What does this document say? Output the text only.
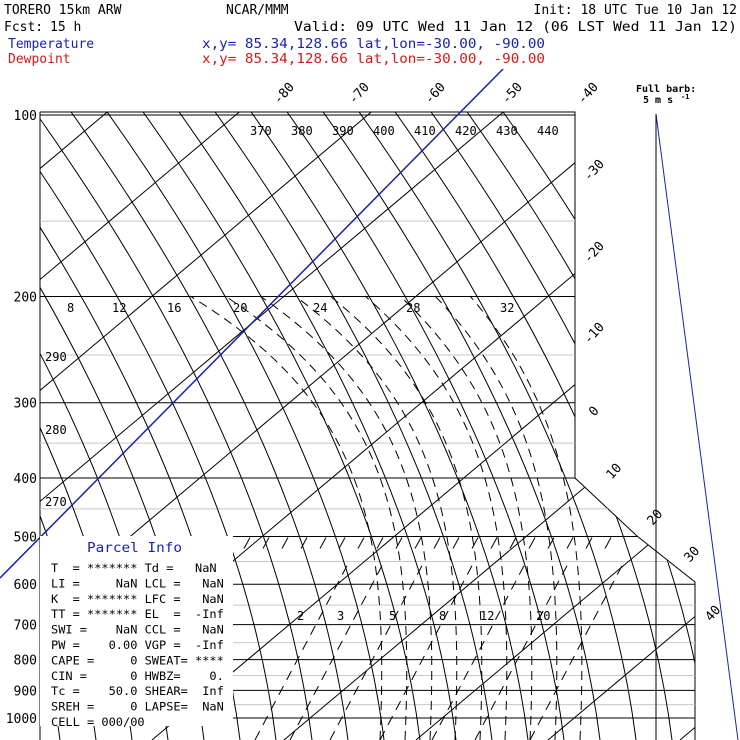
TORERO 15km ARW
Fcst: 15 h
NCAR/MMM	Init: 18 UTC Tue 10 Jan 12
Valid: 09 UTC Wed 11 Jan 12 (06 LST Wed 11 Jan 12)
Temperature	x,y= 85.34,128.66 lat,lon=-30.00, -90.00
Dewpoint	x,y= 85.34,128.66 lat,lon=-30.00, -90.00
100
200
300
400
500
600
700
800
900
1000
-80	-70	-60	-50	-40
-30
-20
-10
0
10
20
30
40
370 380 390 400 410 420 430 440
8	12	16	20	24	28	32
290
280
270
2	3	5	8	12	20
Parcel Info
T  = ******* Td =   NaN
LI =     NaN LCL =   NaN
K  = ******* LFC =   NaN
TT = ******* EL  =  -Inf
SWI =    NaN CCL =   NaN
PW =    0.00 VGP =  -Inf
CAPE =     0 SWEAT= ****
CIN =      0 HWBZ=    0.
Tc =    50.0 SHEAR=  Inf
SREH =     0 LAPSE=  NaN
CELL = 000/00
Full barb:
5 m s -1
